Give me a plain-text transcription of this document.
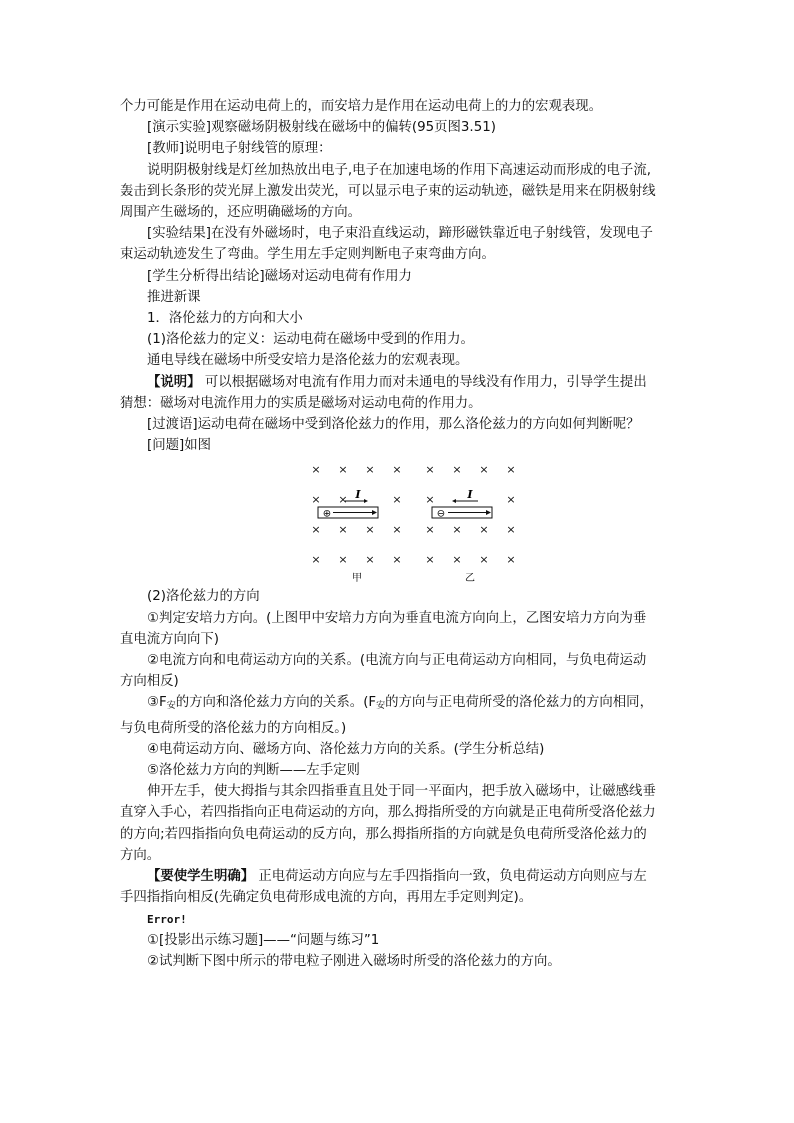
个力可能是作用在运动电荷上的，而安培力是作用在运动电荷上的力的宏观表现。

[演示实验]观察磁场阴极射线在磁场中的偏转(95页图3.51)

[教师]说明电子射线管的原理：

说明阴极射线是灯丝加热放出电子,电子在加速电场的作用下高速运动而形成的电子流,

轰击到长条形的荧光屏上激发出荧光，可以显示电子束的运动轨迹，磁铁是用来在阴极射线

周围产生磁场的，还应明确磁场的方向。

[实验结果]在没有外磁场时，电子束沿直线运动，蹄形磁铁靠近电子射线管，发现电子

束运动轨迹发生了弯曲。学生用左手定则判断电子束弯曲方向。

[学生分析得出结论]磁场对运动电荷有作用力

推进新课

1．洛伦兹力的方向和大小

(1)洛伦兹力的定义：运动电荷在磁场中受到的作用力。

通电导线在磁场中所受安培力是洛伦兹力的宏观表现。

【说明】 可以根据磁场对电流有作用力而对未通电的导线没有作用力，引导学生提出

猜想：磁场对电流作用力的实质是磁场对运动电荷的作用力。

[过渡语]运动电荷在磁场中受到洛伦兹力的作用，那么洛伦兹力的方向如何判断呢？

[问题]如图

× × × × × × × ×
× ×	× ×	×
× × × × × × × ×
× × × × × × × ×
⊕
I
⊖
I
甲	乙

(2)洛伦兹力的方向

①判定安培力方向。(上图甲中安培力方向为垂直电流方向向上，乙图安培力方向为垂

直电流方向向下)

②电流方向和电荷运动方向的关系。(电流方向与正电荷运动方向相同，与负电荷运动

方向相反)

$③F_安$的方向和洛伦兹力方向的关系。($F_安$的方向与正电荷所受的洛伦兹力的方向相同，

与负电荷所受的洛伦兹力的方向相反。)

④电荷运动方向、磁场方向、洛伦兹力方向的关系。(学生分析总结)

⑤洛伦兹力方向的判断——左手定则

伸开左手，使大拇指与其余四指垂直且处于同一平面内，把手放入磁场中，让磁感线垂

直穿入手心，若四指指向正电荷运动的方向，那么拇指所受的方向就是正电荷所受洛伦兹力

的方向;若四指指向负电荷运动的反方向，那么拇指所指的方向就是负电荷所受洛伦兹力的

方向。

【要使学生明确】 正电荷运动方向应与左手四指指向一致，负电荷运动方向则应与左

手四指指向相反(先确定负电荷形成电流的方向，再用左手定则判定)。

Error!

①[投影出示练习题]——“问题与练习”1

②试判断下图中所示的带电粒子刚进入磁场时所受的洛伦兹力的方向。
